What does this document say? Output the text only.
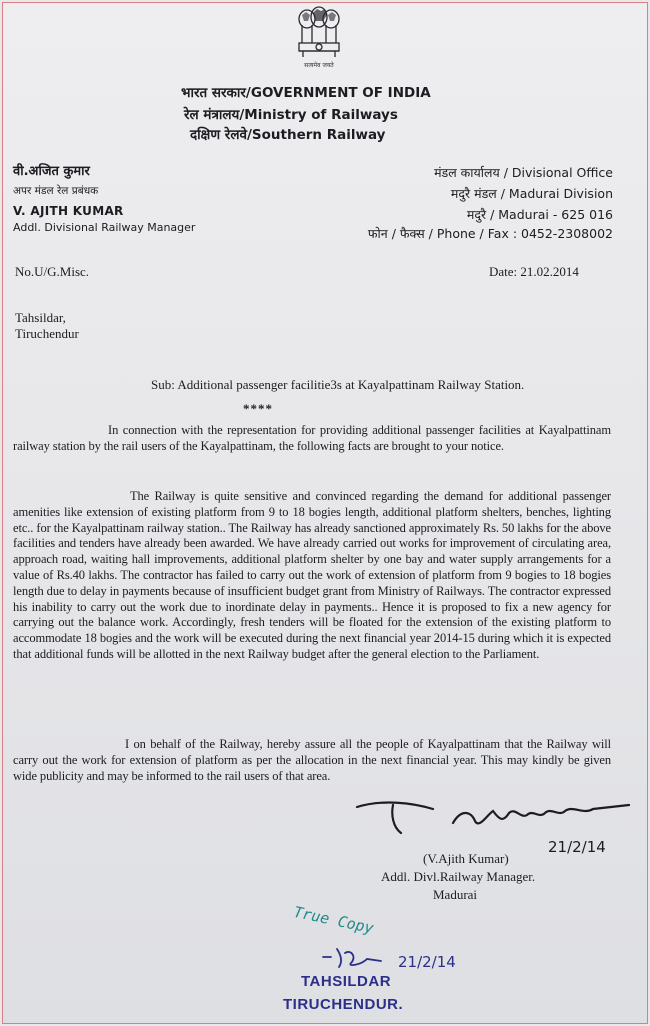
सत्यमेव जयते
भारत सरकार/GOVERNMENT OF INDIA
रेल मंत्रालय/Ministry of Railways
दक्षिण रेलवे/Southern Railway
वी.अजित कुमार
अपर मंडल रेल प्रबंधक
V. AJITH KUMAR
Addl. Divisional Railway Manager
मंडल कार्यालय / Divisional Office
मदुरै मंडल / Madurai Division
मदुरै / Madurai - 625 016
फोन / फैक्स / Phone / Fax : 0452-2308002
No.U/G.Misc.	Date: 21.02.2014
Tahsildar,
Tiruchendur
Sub: Additional passenger facilitie3s at Kayalpattinam Railway Station.
****
In connection with the representation for providing additional passenger facilities at Kayalpattinam railway station by the rail users of the Kayalpattinam, the following facts are brought to your notice.
The Railway is quite sensitive and convinced regarding the demand for additional passenger amenities like extension of existing platform from 9 to 18 bogies length, additional platform shelters, benches, lighting etc.. for the Kayalpattinam railway station.. The Railway has already sanctioned approximately Rs. 50 lakhs for the above facilities and tenders have already been awarded. We have already carried out works for improvement of circulating area, approach road, waiting hall improvements, additional platform shelter by one bay and water supply arrangements for a value of Rs.40 lakhs. The contractor has failed to carry out the work of extension of platform from 9 bogies to 18 bogies length due to delay in payments because of insufficient budget grant from Ministry of Railways. The contractor expressed his inability to carry out the work due to inordinate delay in payments.. Hence it is proposed to fix a new agency for carrying out the balance work. Accordingly, fresh tenders will be floated for the extension of the existing platform to accommodate 18 bogies and the work will be executed during the next financial year 2014-15 during which it is expected that additional funds will be allotted in the next Railway budget after the general election to the Parliament.
I on behalf of the Railway, hereby assure all the people of Kayalpattinam that the Railway will carry out the work for extension of platform as per the allocation in the next financial year. This may kindly be given wide publicity and may be informed to the rail users of that area.
21/2/14
(V.Ajith Kumar)
Addl. Divl.Railway Manager.
Madurai
True Copy
21/2/14
TAHSILDAR
TIRUCHENDUR.
